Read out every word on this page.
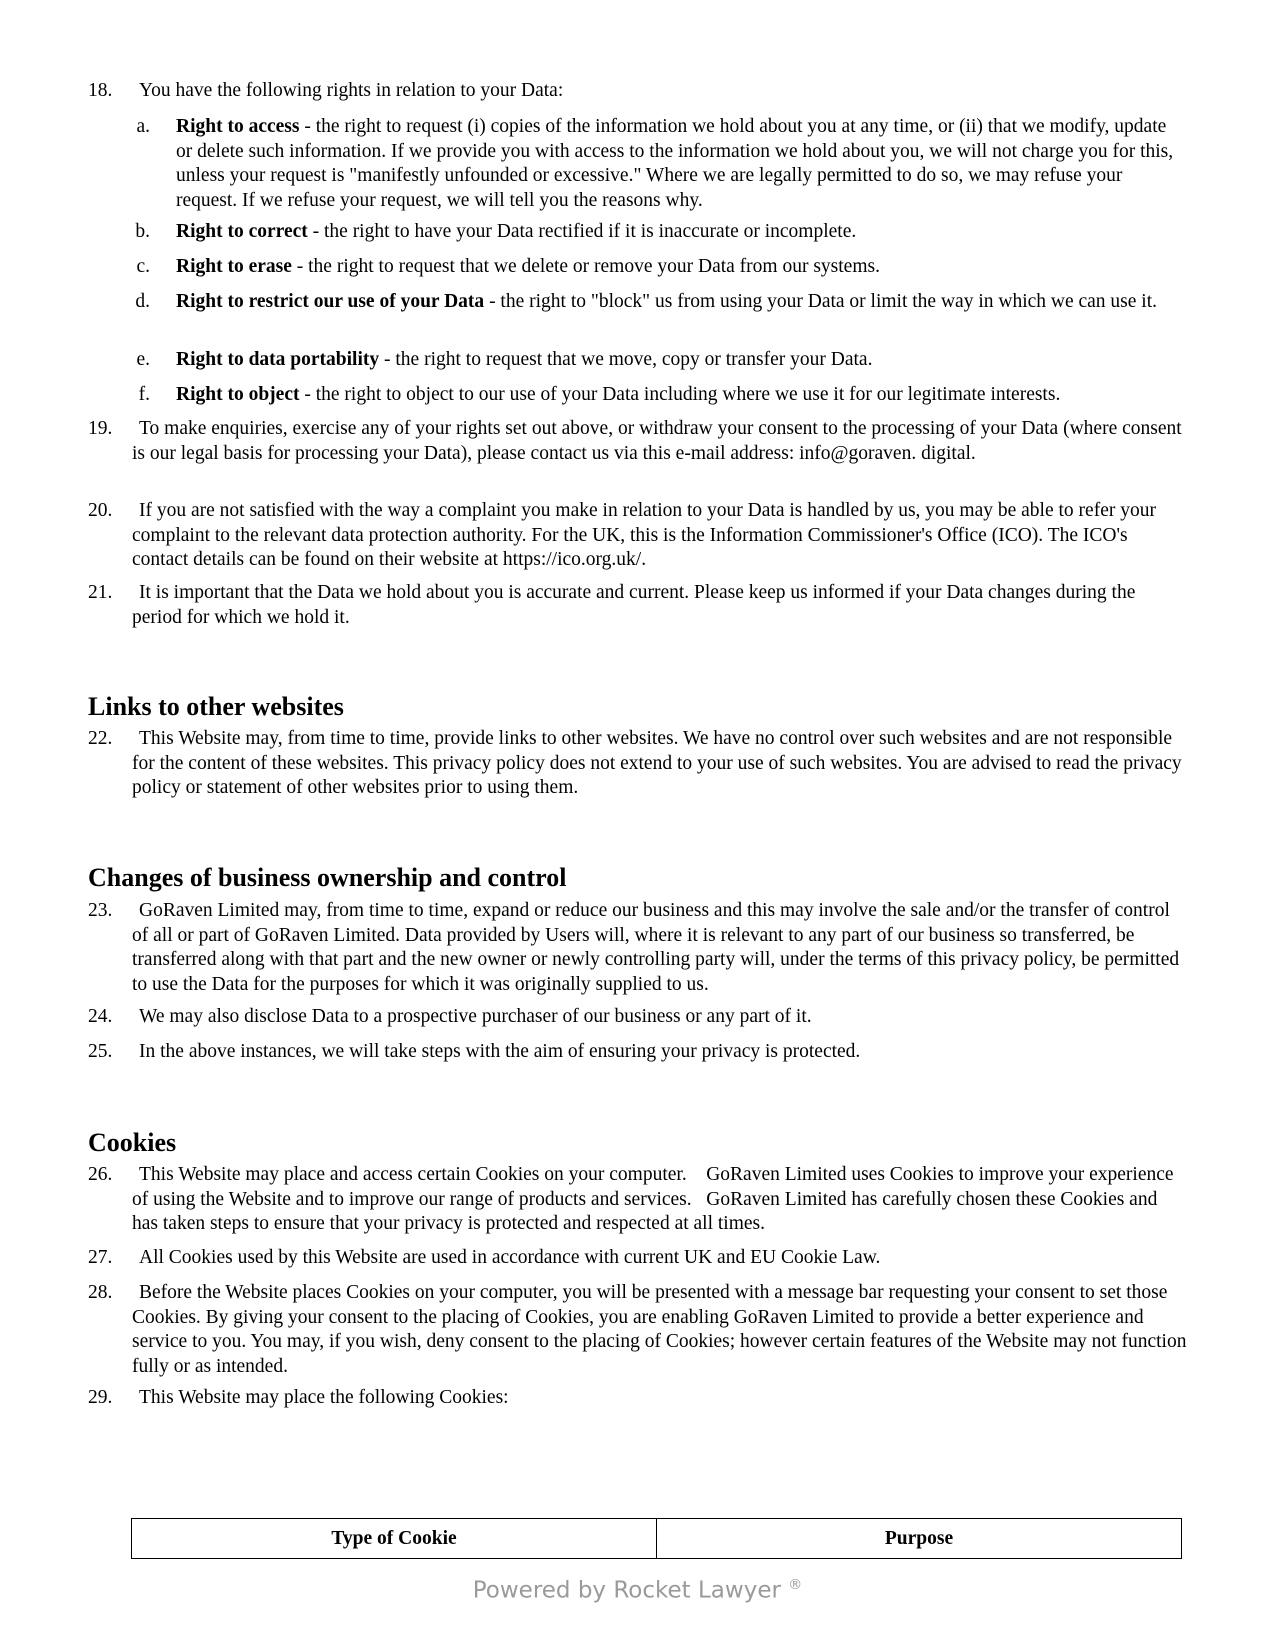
18.	You have the following rights in relation to your Data:
a.	Right to access - the right to request (i) copies of the information we hold about you at any time, or (ii) that we modify, update or delete such information. If we provide you with access to the information we hold about you, we will not charge you for this, unless your request is "manifestly unfounded or excessive." Where we are legally permitted to do so, we may refuse your request. If we refuse your request, we will tell you the reasons why.
b.	Right to correct - the right to have your Data rectified if it is inaccurate or incomplete.
c.	Right to erase - the right to request that we delete or remove your Data from our systems.
d.	Right to restrict our use of your Data - the right to "block" us from using your Data or limit the way in which we can use it.
e.	Right to data portability - the right to request that we move, copy or transfer your Data.
f.	Right to object - the right to object to our use of your Data including where we use it for our legitimate interests.
19.	To make enquiries, exercise any of your rights set out above, or withdraw your consent to the processing of your Data (where consent is our legal basis for processing your Data), please contact us via this e-mail address: info@goraven. digital.
20.	If you are not satisfied with the way a complaint you make in relation to your Data is handled by us, you may be able to refer your complaint to the relevant data protection authority. For the UK, this is the Information Commissioner's Office (ICO). The ICO's contact details can be found on their website at https://ico.org.uk/.
21.	It is important that the Data we hold about you is accurate and current. Please keep us informed if your Data changes during the period for which we hold it.
Links to other websites
22.	This Website may, from time to time, provide links to other websites. We have no control over such websites and are not responsible for the content of these websites. This privacy policy does not extend to your use of such websites. You are advised to read the privacy policy or statement of other websites prior to using them.
Changes of business ownership and control
23.	GoRaven Limited may, from time to time, expand or reduce our business and this may involve the sale and/or the transfer of control of all or part of GoRaven Limited. Data provided by Users will, where it is relevant to any part of our business so transferred, be transferred along with that part and the new owner or newly controlling party will, under the terms of this privacy policy, be permitted to use the Data for the purposes for which it was originally supplied to us.
24.	We may also disclose Data to a prospective purchaser of our business or any part of it.
25.	In the above instances, we will take steps with the aim of ensuring your privacy is protected.
Cookies
26.	This Website may place and access certain Cookies on your computer.    GoRaven Limited uses Cookies to improve your experience of using the Website and to improve our range of products and services.   GoRaven Limited has carefully chosen these Cookies and has taken steps to ensure that your privacy is protected and respected at all times.
27.	All Cookies used by this Website are used in accordance with current UK and EU Cookie Law.
28.	Before the Website places Cookies on your computer, you will be presented with a message bar requesting your consent to set those Cookies. By giving your consent to the placing of Cookies, you are enabling GoRaven Limited to provide a better experience and service to you. You may, if you wish, deny consent to the placing of Cookies; however certain features of the Website may not function fully or as intended.
29.	This Website may place the following Cookies:
Type of Cookie	Purpose
Powered by Rocket Lawyer ®
